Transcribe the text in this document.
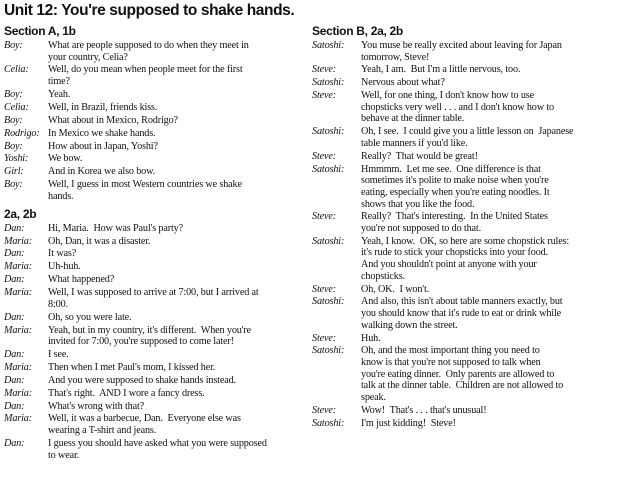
Unit 12: You're supposed to shake hands.
Section A, 1b
Boy:	What are people supposed to do when they meet in
your country, Celia?
Celia:	Well, do you mean when people meet for the first
time?
Boy:	Yeah.
Celia:	Well, in Brazil, friends kiss.
Boy:	What about in Mexico, Rodrigo?
Rodrigo: In Mexico we shake hands.
Boy:	How about in Japan, Yoshi?
Yoshi:	We bow.
Girl:	And in Korea we also bow.
Boy:	Well, I guess in most Western countries we shake
hands.
2a, 2b
Dan:	Hi, Maria.  How was Paul's party?
Maria:	Oh, Dan, it was a disaster.
Dan:	It was?
Maria:	Uh-huh.
Dan:	What happened?
Maria:	Well, I was supposed to arrive at 7:00, but I arrived at
8:00.
Dan:	Oh, so you were late.
Maria:	Yeah, but in my country, it's different.  When you're
invited for 7:00, you're supposed to come later!
Dan:	I see.
Maria:	Then when I met Paul's mom, I kissed her.
Dan:	And you were supposed to shake hands instead.
Maria:	That's right.  AND I wore a fancy dress.
Dan:	What's wrong with that?
Maria:	Well, it was a barbecue, Dan.  Everyone else was
wearing a T-shirt and jeans.
Dan:	I guess you should have asked what you were supposed
to wear.
Section B, 2a, 2b
Satoshi:	You muse be really excited about leaving for Japan
tomorrow, Steve!
Steve:	Yeah, I am.  But I'm a little nervous, too.
Satoshi:	Nervous about what?
Steve:	Well, for one thing, I don't know how to use
chopsticks very well . . . and I don't know how to
behave at the dinner table.
Satoshi:	Oh, I see.  I could give you a little lesson on  Japanese
table manners if you'd like.
Steve:	Really?  That would be great!
Satoshi:	Hmmmm.  Let me see.  One difference is that
sometimes it's polite to make noise when you're
eating, especially when you're eating noodles. It
shows that you like the food.
Steve:	Really?  That's interesting.  In the United States
you're not supposed to do that.
Satoshi:	Yeah, I know.  OK, so here are some chopstick rules:
it's rude to stick your chopsticks into your food.
And you shouldn't point at anyone with your
chopsticks.
Steve:	Oh, OK.  I won't.
Satoshi:	And also, this isn't about table manners exactly, but
you should know that it's rude to eat or drink while
walking down the street.
Steve:	Huh.
Satoshi:	Oh, and the most important thing you need to
know is that you're not supposed to talk when
you're eating dinner.  Only parents are allowed to
talk at the dinner table.  Children are not allowed to
speak.
Steve:	Wow!  That's . . . that's unusual!
Satoshi:	I'm just kidding!  Steve!
